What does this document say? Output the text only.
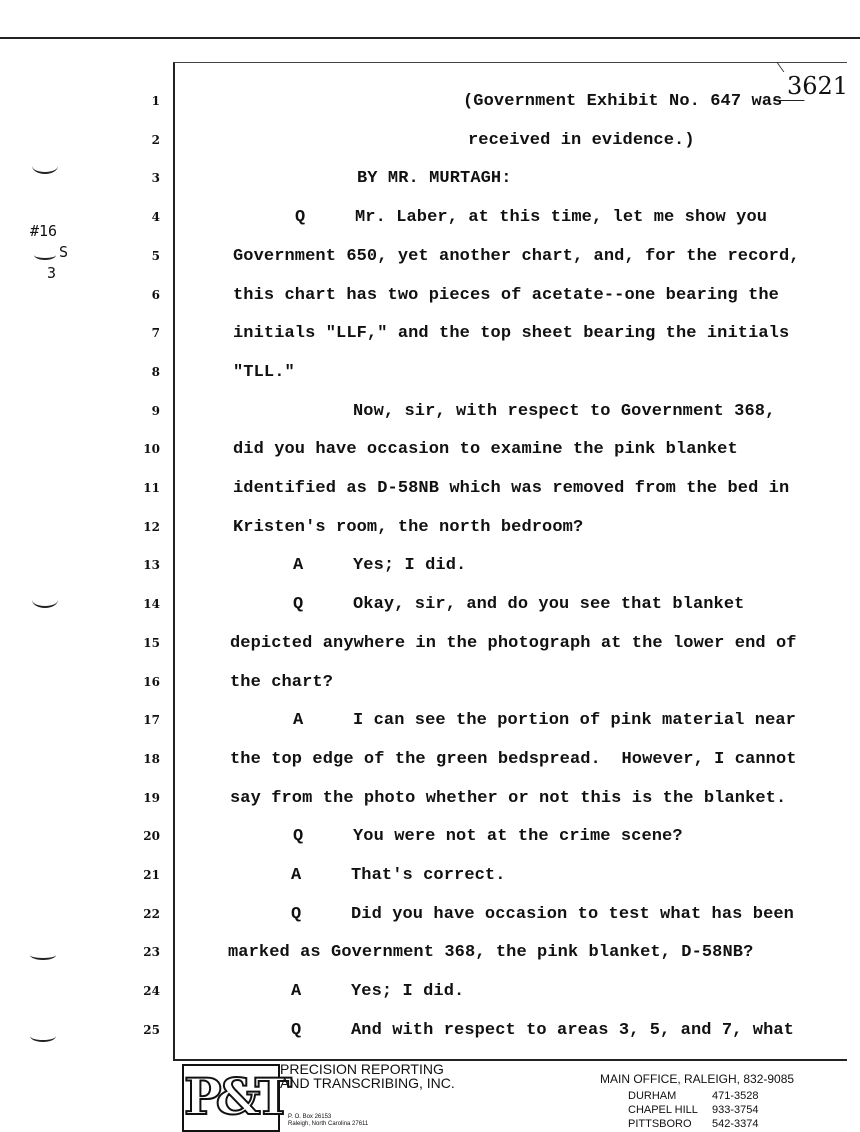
3621
#16
S
3
1	(Government Exhibit No. 647 was
2	received in evidence.)
3	BY MR. MURTAGH:
4	Q	Mr. Laber, at this time, let me show you
5	Government 650, yet another chart, and, for the record,
6	this chart has two pieces of acetate--one bearing the
7	initials "LLF," and the top sheet bearing the initials
8	"TLL."
9	Now, sir, with respect to Government 368,
10	did you have occasion to examine the pink blanket
11	identified as D-58NB which was removed from the bed in
12	Kristen's room, the north bedroom?
13	A	Yes; I did.
14	Q	Okay, sir, and do you see that blanket
15	depicted anywhere in the photograph at the lower end of
16	the chart?
17	A	I can see the portion of pink material near
18	the top edge of the green bedspread.  However, I cannot
19	say from the photo whether or not this is the blanket.
20	Q	You were not at the crime scene?
21	A	That's correct.
22	Q	Did you have occasion to test what has been
23	marked as Government 368, the pink blanket, D-58NB?
24	A	Yes; I did.
25	Q	And with respect to areas 3, 5, and 7, what
P&T
PRECISION REPORTING
AND TRANSCRIBING, INC.
P. O. Box 26153
Raleigh, North Carolina 27611
MAIN OFFICE, RALEIGH, 832-9085
DURHAM	471-3528
CHAPEL HILL 933-3754
PITTSBORO 542-3374
